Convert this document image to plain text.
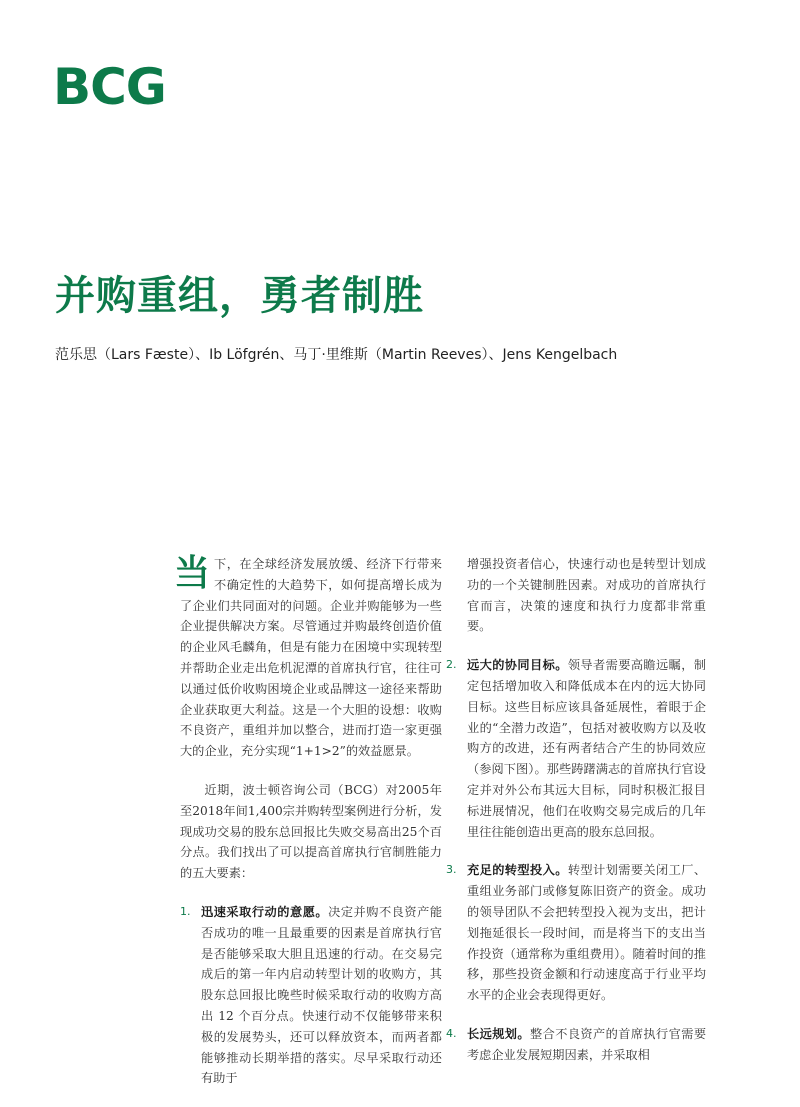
BCG
并购重组，勇者制胜
范乐思（Lars Fæste）、Ib Löfgrén、马丁·里维斯（Martin Reeves）、Jens Kengelbach

当下，在全球经济发展放缓、经济下行带来不确定性的大趋势下，如何提高增长成为了企业们共同面对的问题。企业并购能够为一些企业提供解决方案。尽管通过并购最终创造价值的企业风毛麟角，但是有能力在困境中实现转型并帮助企业走出危机泥潭的首席执行官，往往可以通过低价收购困境企业或品牌这一途径来帮助企业获取更大利益。这是一个大胆的设想：收购不良资产，重组并加以整合，进而打造一家更强大的企业，充分实现“1+1>2”的效益愿景。

近期，波士顿咨询公司（BCG）对2005年至2018年间1,400宗并购转型案例进行分析，发现成功交易的股东总回报比失败交易高出25个百分点。我们找出了可以提高首席执行官制胜能力的五大要素：

1. 迅速采取行动的意愿。决定并购不良资产能否成功的唯一且最重要的因素是首席执行官是否能够采取大胆且迅速的行动。在交易完成后的第一年内启动转型计划的收购方，其股东总回报比晚些时候采取行动的收购方高出 12 个百分点。快速行动不仅能够带来积极的发展势头，还可以释放资本，而两者都能够推动长期举措的落实。尽早采取行动还有助于
增强投资者信心，快速行动也是转型计划成功的一个关键制胜因素。对成功的首席执行官而言，决策的速度和执行力度都非常重要。
2. 远大的协同目标。领导者需要高瞻远瞩，制定包括增加收入和降低成本在内的远大协同目标。这些目标应该具备延展性，着眼于企业的“全潜力改造”，包括对被收购方以及收购方的改进，还有两者结合产生的协同效应（参阅下图）。那些踌躇满志的首席执行官设定并对外公布其远大目标，同时积极汇报目标进展情况，他们在收购交易完成后的几年里往往能创造出更高的股东总回报。
3. 充足的转型投入。转型计划需要关闭工厂、重组业务部门或修复陈旧资产的资金。成功的领导团队不会把转型投入视为支出，把计划拖延很长一段时间，而是将当下的支出当作投资（通常称为重组费用）。随着时间的推移，那些投资金额和行动速度高于行业平均水平的企业会表现得更好。
4. 长远规划。整合不良资产的首席执行官需要考虑企业发展短期因素，并采取相
